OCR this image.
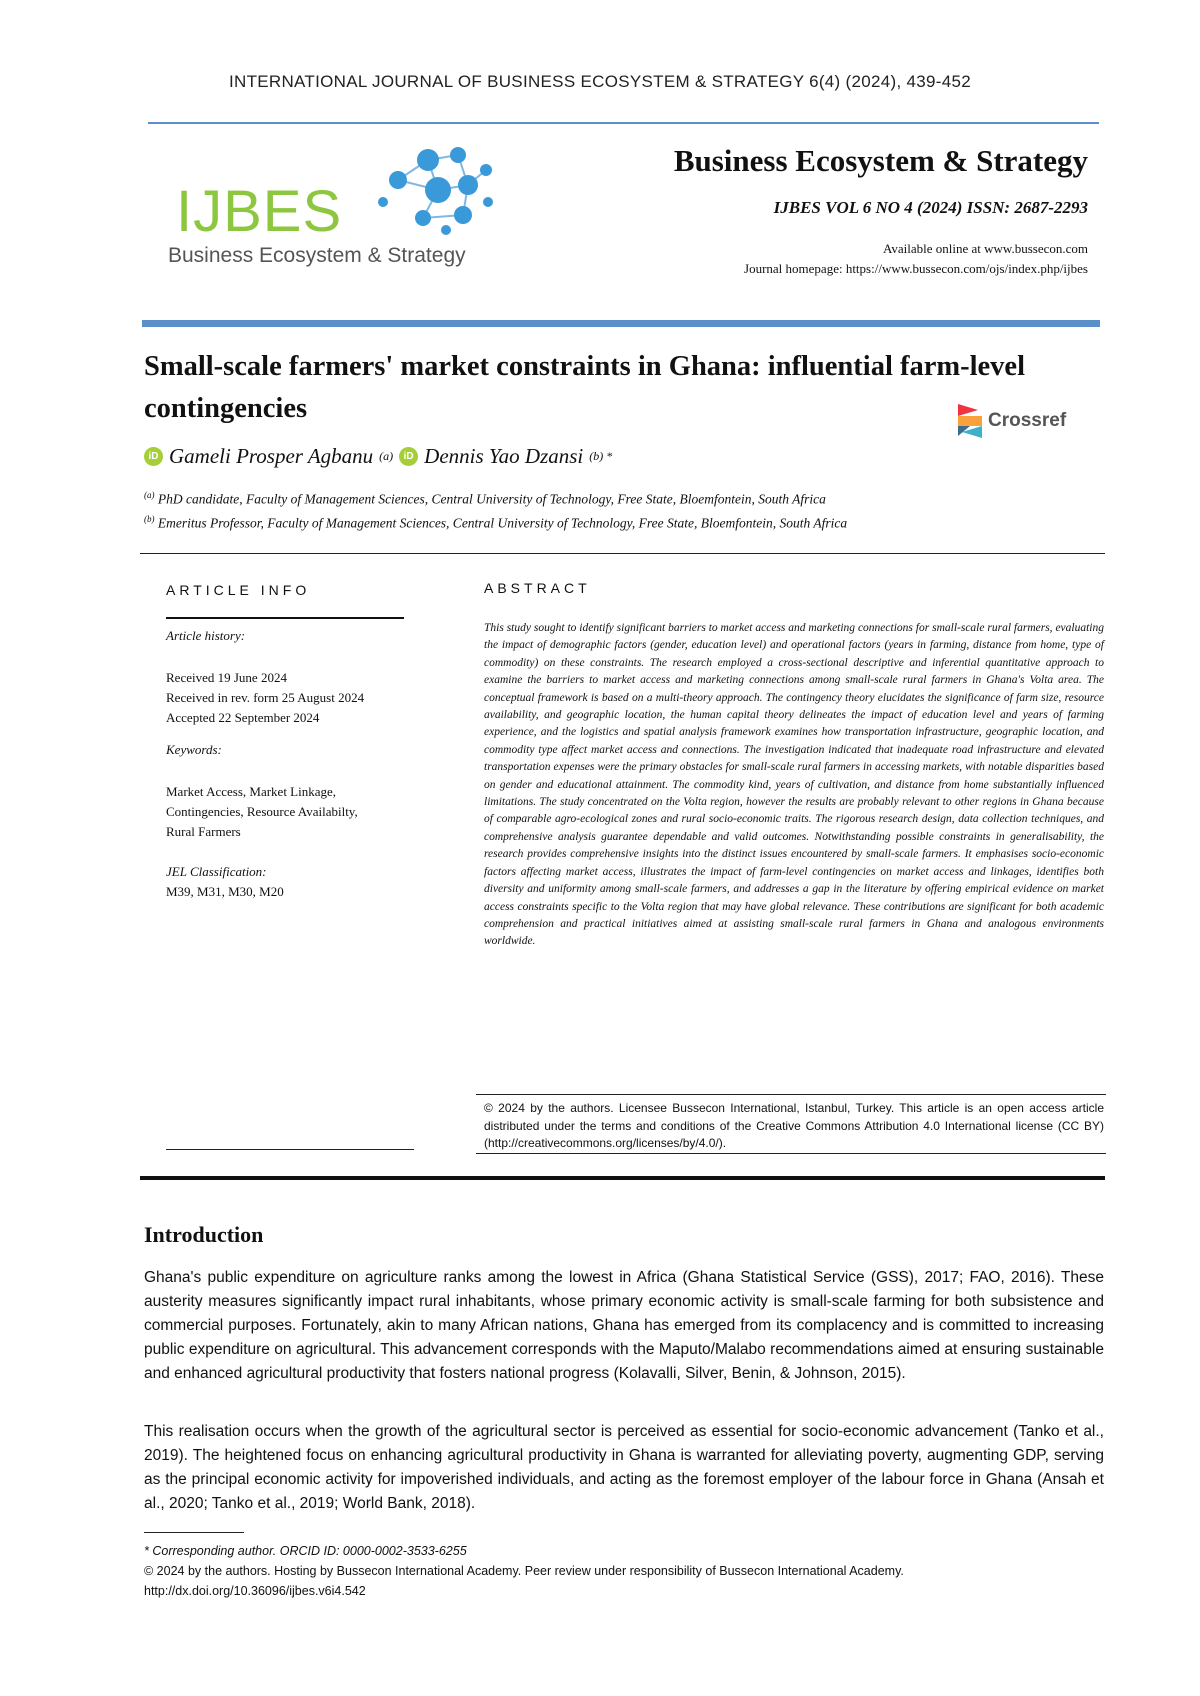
INTERNATIONAL JOURNAL OF BUSINESS ECOSYSTEM & STRATEGY 6(4) (2024), 439-452
IJBES
Business Ecosystem & Strategy
Business Ecosystem & Strategy
IJBES VOL 6 NO 4 (2024) ISSN: 2687-2293
Available online at www.bussecon.com
Journal homepage: https://www.bussecon.com/ojs/index.php/ijbes
Small-scale farmers' market constraints in Ghana: influential farm-level contingencies	Crossref
iD Gameli Prosper Agbanu (a)	iD Dennis Yao Dzansi (b) *
$^{(a)}$ PhD candidate, Faculty of Management Sciences, Central University of Technology, Free State, Bloemfontein, South Africa
$^{(b)}$ Emeritus Professor, Faculty of Management Sciences, Central University of Technology, Free State, Bloemfontein, South Africa
ARTICLE INFO
Article history:
Received 19 June 2024
Received in rev. form 25 August 2024
Accepted 22 September 2024
Keywords:
Market Access, Market Linkage,
Contingencies, Resource Availabilty,
Rural Farmers
JEL Classification:
M39, M31, M30, M20
ABSTRACT
This study sought to identify significant barriers to market access and marketing connections for small-scale rural farmers, evaluating the impact of demographic factors (gender, education level) and operational factors (years in farming, distance from home, type of commodity) on these constraints. The research employed a cross-sectional descriptive and inferential quantitative approach to examine the barriers to market access and marketing connections among small-scale rural farmers in Ghana's Volta area. The conceptual framework is based on a multi-theory approach. The contingency theory elucidates the significance of farm size, resource availability, and geographic location, the human capital theory delineates the impact of education level and years of farming experience, and the logistics and spatial analysis framework examines how transportation infrastructure, geographic location, and commodity type affect market access and connections. The investigation indicated that inadequate road infrastructure and elevated transportation expenses were the primary obstacles for small-scale rural farmers in accessing markets, with notable disparities based on gender and educational attainment. The commodity kind, years of cultivation, and distance from home substantially influenced limitations. The study concentrated on the Volta region, however the results are probably relevant to other regions in Ghana because of comparable agro-ecological zones and rural socio-economic traits. The rigorous research design, data collection techniques, and comprehensive analysis guarantee dependable and valid outcomes. Notwithstanding possible constraints in generalisability, the research provides comprehensive insights into the distinct issues encountered by small-scale farmers. It emphasises socio-economic factors affecting market access, illustrates the impact of farm-level contingencies on market access and linkages, identifies both diversity and uniformity among small-scale farmers, and addresses a gap in the literature by offering empirical evidence on market access constraints specific to the Volta region that may have global relevance. These contributions are significant for both academic comprehension and practical initiatives aimed at assisting small-scale rural farmers in Ghana and analogous environments worldwide.
© 2024 by the authors. Licensee Bussecon International, Istanbul, Turkey. This article is an open access article distributed under the terms and conditions of the Creative Commons Attribution 4.0 International license (CC BY) (http://creativecommons.org/licenses/by/4.0/).
Introduction
Ghana's public expenditure on agriculture ranks among the lowest in Africa (Ghana Statistical Service (GSS), 2017; FAO, 2016). These austerity measures significantly impact rural inhabitants, whose primary economic activity is small-scale farming for both subsistence and commercial purposes. Fortunately, akin to many African nations, Ghana has emerged from its complacency and is committed to increasing public expenditure on agricultural. This advancement corresponds with the Maputo/Malabo recommendations aimed at ensuring sustainable and enhanced agricultural productivity that fosters national progress (Kolavalli, Silver, Benin, & Johnson, 2015).
This realisation occurs when the growth of the agricultural sector is perceived as essential for socio-economic advancement (Tanko et al., 2019). The heightened focus on enhancing agricultural productivity in Ghana is warranted for alleviating poverty, augmenting GDP, serving as the principal economic activity for impoverished individuals, and acting as the foremost employer of the labour force in Ghana (Ansah et al., 2020; Tanko et al., 2019; World Bank, 2018).
* Corresponding author. ORCID ID: 0000-0002-3533-6255
© 2024 by the authors. Hosting by Bussecon International Academy. Peer review under responsibility of Bussecon International Academy.
http://dx.doi.org/10.36096/ijbes.v6i4.542
